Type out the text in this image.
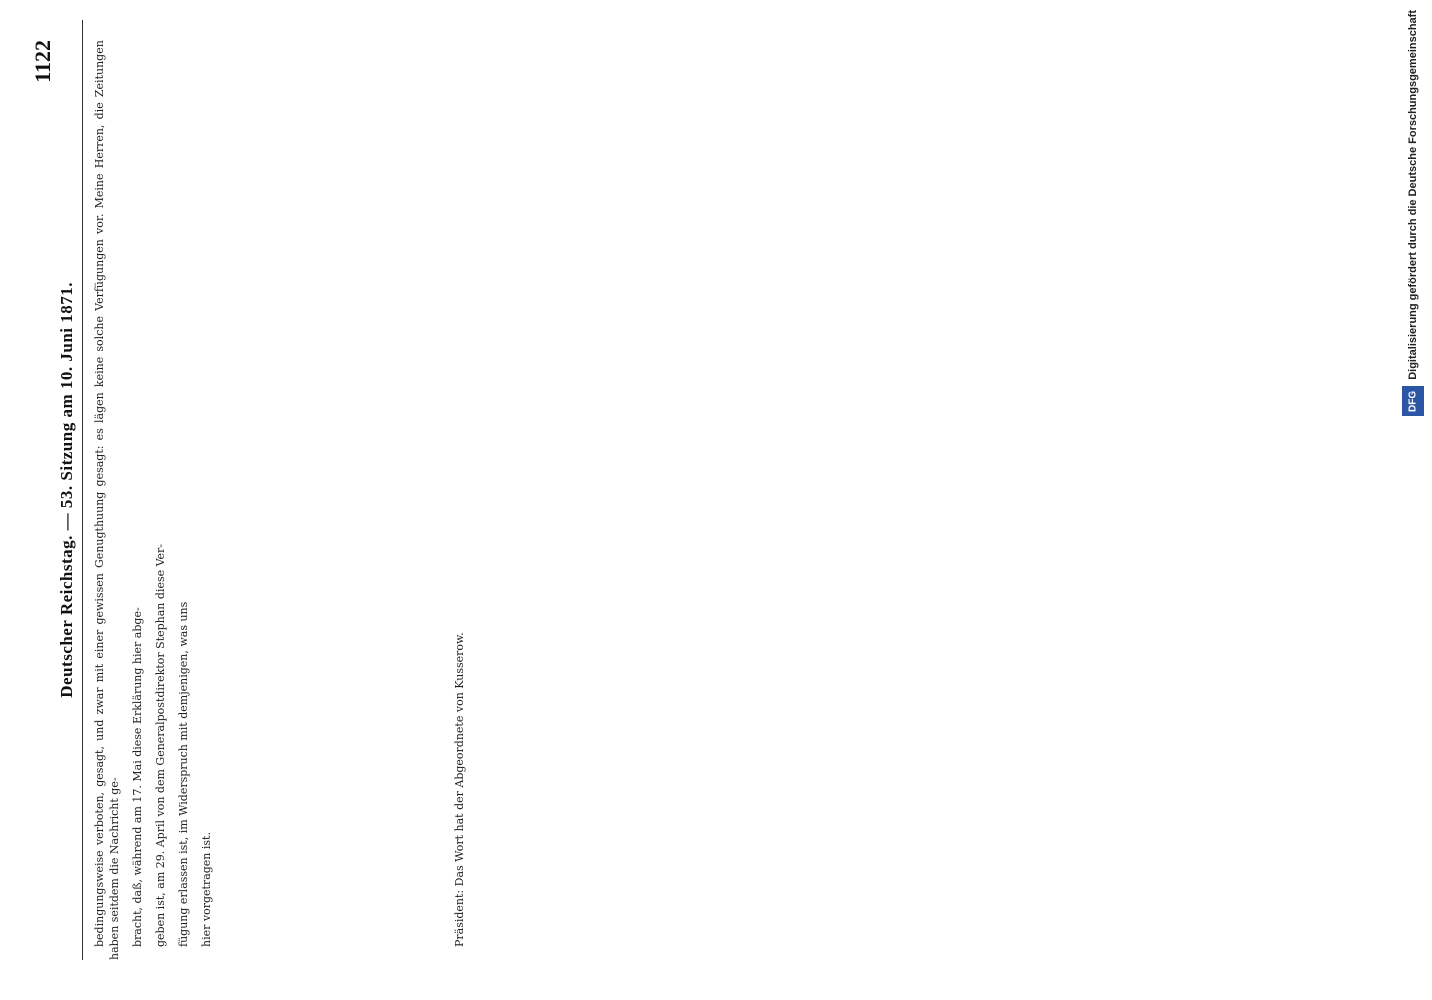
1122
Deutscher Reichstag. — 53. Sitzung am 10. Juni 1871. bedingungsweise verboten, gesagt, und zwar mit einer gewissen Genugthuung gesagt: es lägen keine solche Verfügungen vor. Meine Herren, die Zeitungen haben seitdem die Nachricht ge- bracht, daß, während am 17. Mai diese Erklärung hier abge- geben ist, am 29. April von dem Generalpostdirektor Stephan diese Ver- fügung erlassen ist, im Widerspruch mit demjenigen, was uns hier vorgetragen ist.	Präsident: Das Wort hat der Abgeordnete von Kusserow.

Digitalisierung gefördert durch die Deutsche Forschungsgemeinschaft
DFG
